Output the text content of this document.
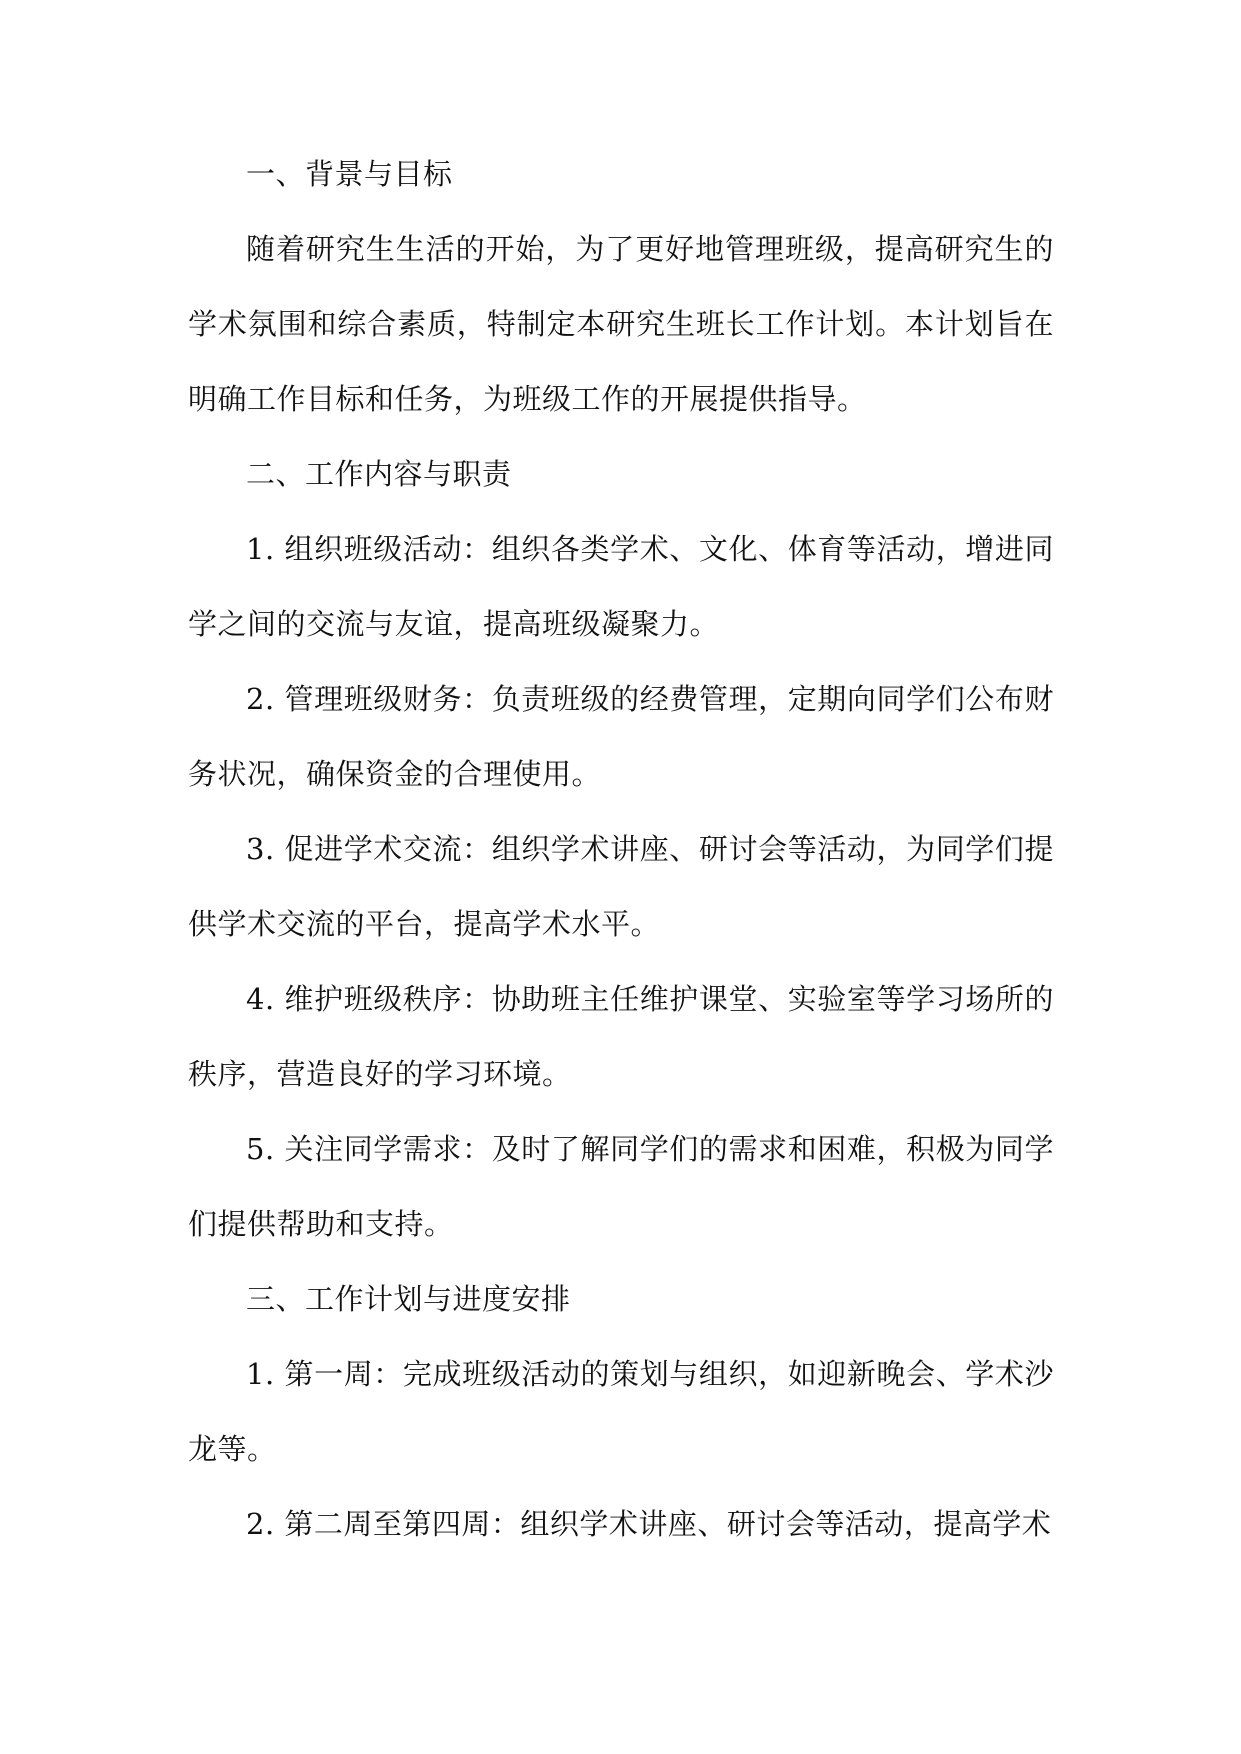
一、背景与目标

随着研究生生活的开始，为了更好地管理班级，提高研究生的学术氛围和综合素质，特制定本研究生班长工作计划。本计划旨在明确工作目标和任务，为班级工作的开展提供指导。

二、工作内容与职责

1. 组织班级活动：组织各类学术、文化、体育等活动，增进同学之间的交流与友谊，提高班级凝聚力。

2. 管理班级财务：负责班级的经费管理，定期向同学们公布财务状况，确保资金的合理使用。

3. 促进学术交流：组织学术讲座、研讨会等活动，为同学们提供学术交流的平台，提高学术水平。

4. 维护班级秩序：协助班主任维护课堂、实验室等学习场所的秩序，营造良好的学习环境。

5. 关注同学需求：及时了解同学们的需求和困难，积极为同学们提供帮助和支持。

三、工作计划与进度安排

1. 第一周：完成班级活动的策划与组织，如迎新晚会、学术沙龙等。

2. 第二周至第四周：组织学术讲座、研讨会等活动，提高学术
